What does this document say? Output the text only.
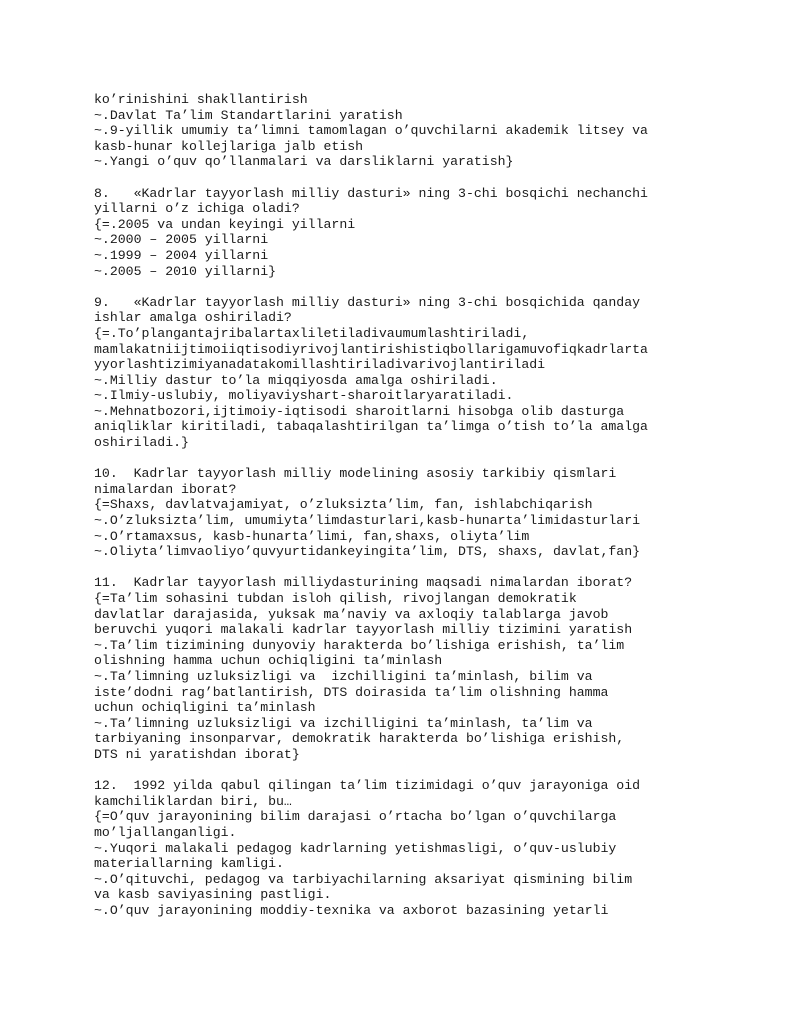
ko’rinishini shakllantirish

~.Davlat Ta’lim Standartlarini yaratish

~.9-yillik umumiy ta’limni tamomlagan o’quvchilarni akademik litsey va

kasb-hunar kollejlariga jalb etish

~.Yangi o’quv qo’llanmalari va darsliklarni yaratish}

8.   «Kadrlar tayyorlash milliy dasturi» ning 3-chi bosqichi nechanchi

yillarni o’z ichiga oladi?

{=.2005 va undan keyingi yillarni

~.2000 – 2005 yillarni

~.1999 – 2004 yillarni

~.2005 – 2010 yillarni}

9.   «Kadrlar tayyorlash milliy dasturi» ning 3-chi bosqichida qanday

ishlar amalga oshiriladi?

{=.To’plangantajribalartaxliletiladivaumumlashtiriladi,

mamlakatniijtimoiiqtisodiyrivojlantirishistiqbollarigamuvofiqkadrlarta

yyorlashtizimiyanadatakomillashtiriladivarivojlantiriladi

~.Milliy dastur to’la miqqiyosda amalga oshiriladi.

~.Ilmiy-uslubiy, moliyaviyshart-sharoitlaryaratiladi.

~.Mehnatbozori,ijtimoiy-iqtisodi sharoitlarni hisobga olib dasturga

aniqliklar kiritiladi, tabaqalashtirilgan ta’limga o’tish to’la amalga

oshiriladi.}

10.  Kadrlar tayyorlash milliy modelining asosiy tarkibiy qismlari

nimalardan iborat?

{=Shaxs, davlatvajamiyat, o’zluksizta’lim, fan, ishlabchiqarish

~.O’zluksizta’lim, umumiyta’limdasturlari,kasb-hunarta’limidasturlari

~.O’rtamaxsus, kasb-hunarta’limi, fan,shaxs, oliyta’lim

~.Oliyta’limvaoliyo’quvyurtidankeyingita’lim, DTS, shaxs, davlat,fan}

11.  Kadrlar tayyorlash milliydasturining maqsadi nimalardan iborat?

{=Ta’lim sohasini tubdan isloh qilish, rivojlangan demokratik

davlatlar darajasida, yuksak ma’naviy va axloqiy talablarga javob

beruvchi yuqori malakali kadrlar tayyorlash milliy tizimini yaratish

~.Ta’lim tizimining dunyoviy harakterda bo’lishiga erishish, ta’lim

olishning hamma uchun ochiqligini ta’minlash

~.Ta’limning uzluksizligi va  izchilligini ta’minlash, bilim va

iste’dodni rag’batlantirish, DTS doirasida ta’lim olishning hamma

uchun ochiqligini ta’minlash

~.Ta’limning uzluksizligi va izchilligini ta’minlash, ta’lim va

tarbiyaning insonparvar, demokratik harakterda bo’lishiga erishish,

DTS ni yaratishdan iborat}

12.  1992 yilda qabul qilingan ta’lim tizimidagi o’quv jarayoniga oid

kamchiliklardan biri, bu…

{=O’quv jarayonining bilim darajasi o’rtacha bo’lgan o’quvchilarga

mo’ljallanganligi.

~.Yuqori malakali pedagog kadrlarning yetishmasligi, o’quv-uslubiy

materiallarning kamligi.

~.O’qituvchi, pedagog va tarbiyachilarning aksariyat qismining bilim

va kasb saviyasining pastligi.

~.O’quv jarayonining moddiy-texnika va axborot bazasining yetarli
